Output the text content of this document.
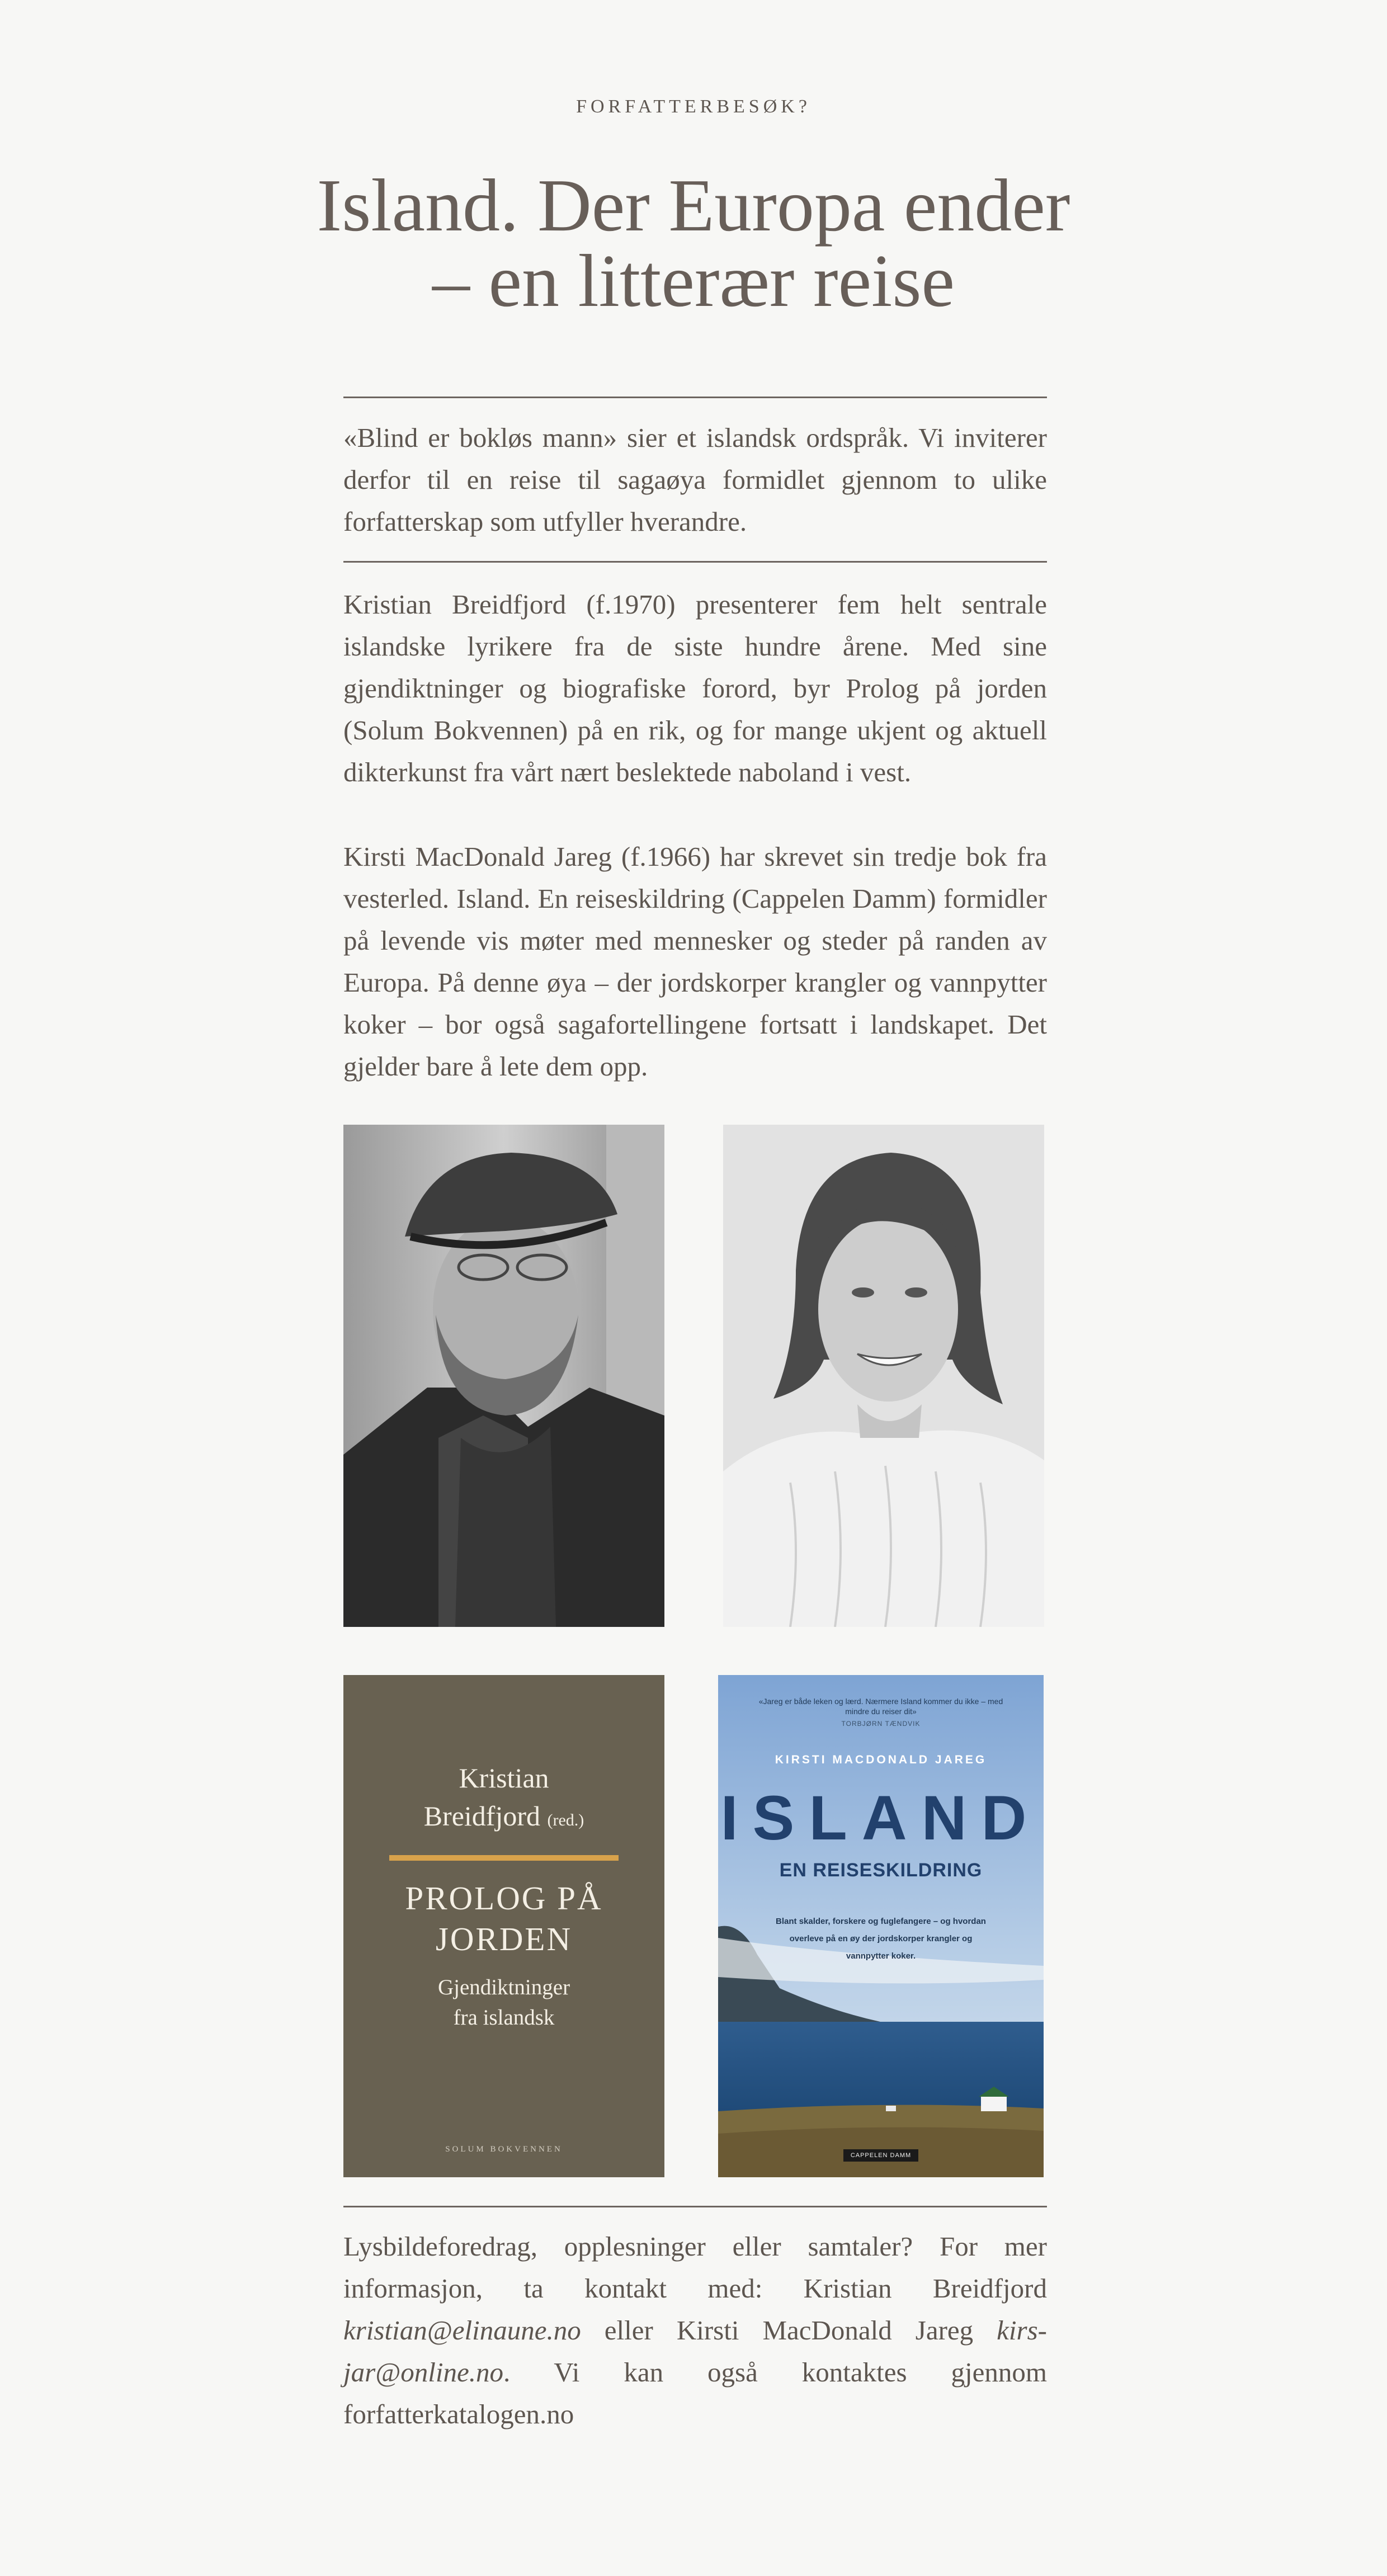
FORFATTERBESØK?
Island. Der Europa ender
– en litterær reise

«Blind er bokløs mann» sier et islandsk ordspråk. Vi inviterer derfor til en reise til sagaøya formidlet gjennom to ulike forfatterskap som utfyller hverandre.

Kristian Breidfjord (f.1970) presenterer fem helt sentrale islandske lyrikere fra de siste hundre årene. Med sine gjendiktninger og biografiske forord, byr Prolog på jorden (Solum Bokvennen) på en rik, og for mange ukjent og aktuell dikterkunst fra vårt nært beslektede naboland i vest.

Kirsti MacDonald Jareg (f.1966) har skrevet sin tredje bok fra vesterled. Island. En reiseskildring (Cappelen Damm) formidler på levende vis møter med mennesker og steder på randen av Europa. På denne øya – der jordskorper krangler og vannpytter koker – bor også sagafortellingene fortsatt i landskapet. Det gjelder bare å lete dem opp.

Kristian
Breidfjord (red.)
PROLOG PÅ
JORDEN
Gjendiktninger
fra islandsk
SOLUM BOKVENNEN
«Jareg er både leken og lærd. Nærmere Island kommer du ikke – med mindre du reiser dit»
TORBJØRN TÆNDVIK
KIRSTI MACDONALD JAREG
ISLAND
EN REISESKILDRING
Blant skalder, forskere og fuglefangere – og hvordan overleve på en øy der jordskorper krangler og vannpytter koker.
CAPPELEN DAMM

Lysbildeforedrag, opplesninger eller samtaler? For mer informasjon, ta kontakt med: Kristian Breidfjord kristian@elinaune.no eller Kirsti MacDonald Jareg kirs-jar@online.no. Vi kan også kontaktes gjennom forfatterkatalogen.no
